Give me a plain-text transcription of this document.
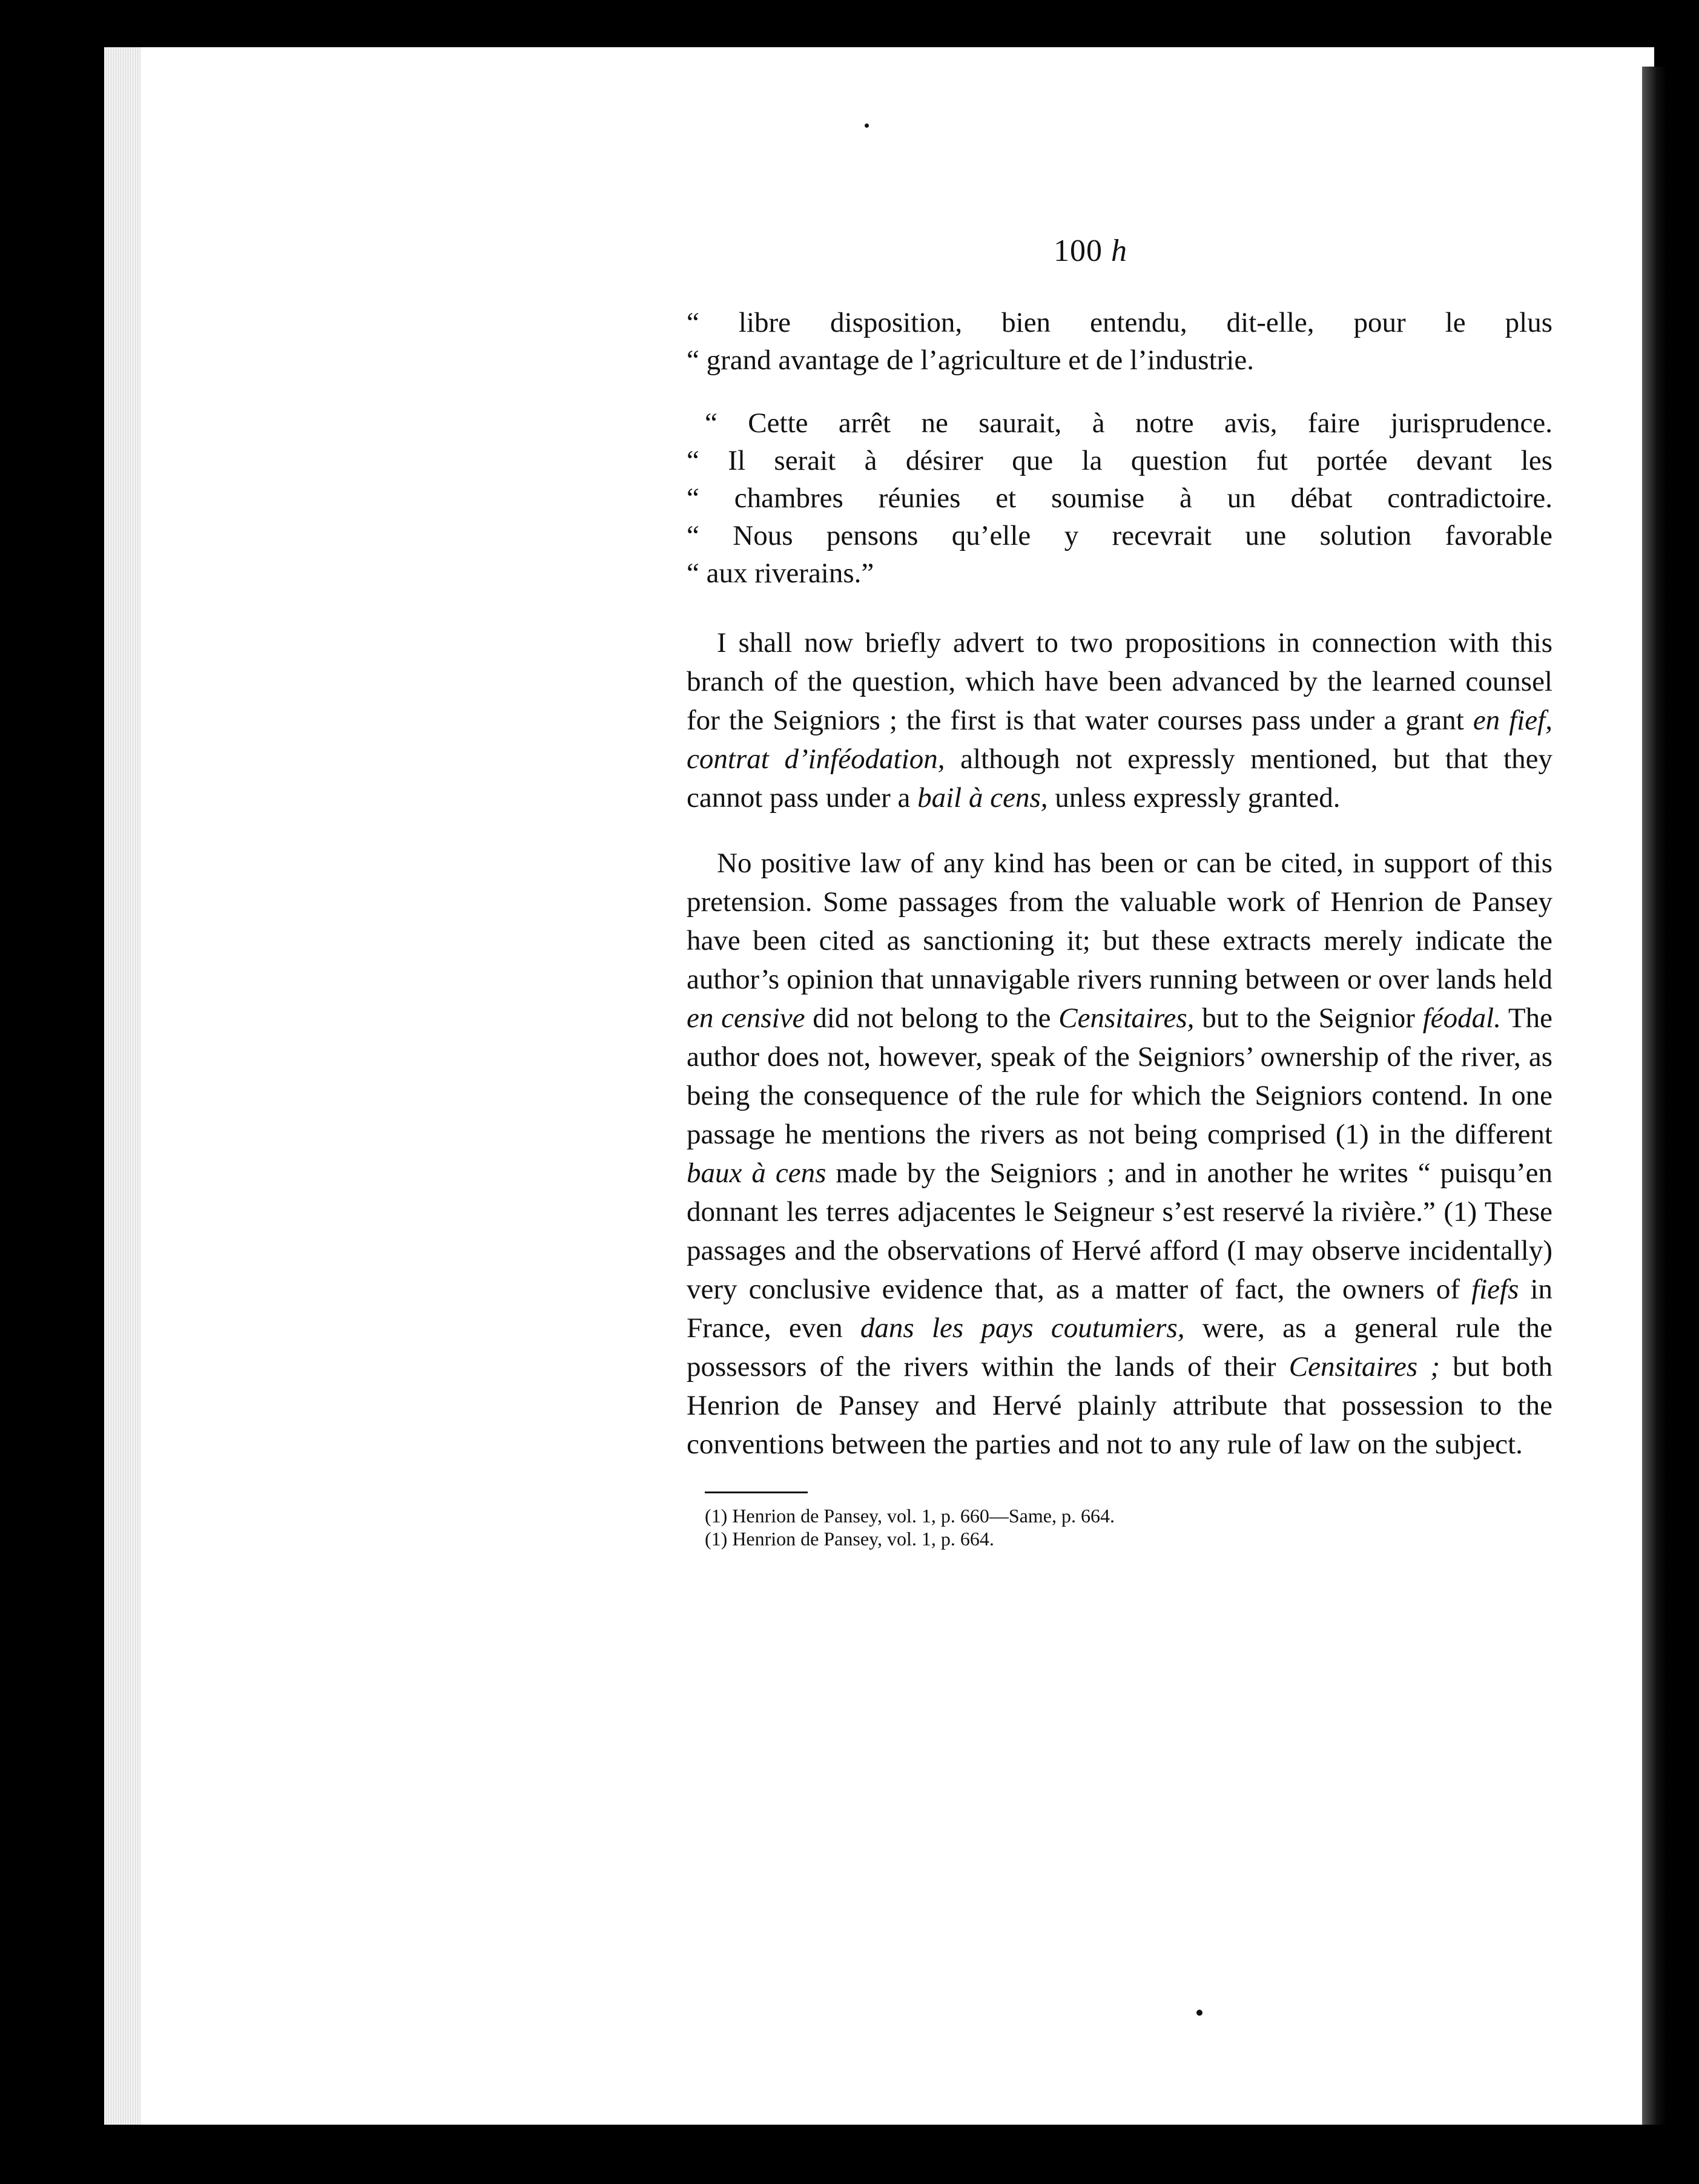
100 h

“ libre disposition, bien entendu, dit-elle, pour le plus

“ grand avantage de l’agriculture et de l’industrie.

“ Cette arrêt ne saurait, à notre avis, faire jurisprudence.

“ Il serait à désirer que la question fut portée devant les

“ chambres réunies et soumise à un débat contradictoire.

“ Nous pensons qu’elle y recevrait une solution favorable

“ aux riverains.”

I shall now briefly advert to two propositions in connection with this branch of the question, which have been advanced by the learned counsel for the Seigniors ; the first is that water courses pass under a grant en fief, contrat d’inféodation, although not expressly mentioned, but that they cannot pass under a bail à cens, unless expressly granted.

No positive law of any kind has been or can be cited, in support of this pretension. Some passages from the valuable work of Henrion de Pansey have been cited as sanctioning it; but these extracts merely indicate the author’s opinion that unnavigable rivers running between or over lands held en censive did not belong to the Censitaires, but to the Seignior féodal. The author does not, however, speak of the Seigniors’ ownership of the river, as being the consequence of the rule for which the Seigniors contend. In one passage he mentions the rivers as not being comprised (1) in the different baux à cens made by the Seigniors ; and in another he writes “ puisqu’en donnant les terres adjacentes le Seigneur s’est reservé la rivière.” (1) These passages and the observations of Hervé afford (I may observe incidentally) very conclusive evidence that, as a matter of fact, the owners of fiefs in France, even dans les pays coutumiers, were, as a general rule the possessors of the rivers within the lands of their Censitaires ; but both Henrion de Pansey and Hervé plainly attribute that possession to the conventions between the parties and not to any rule of law on the subject.

(1) Henrion de Pansey, vol. 1, p. 660—Same, p. 664.

(1) Henrion de Pansey, vol. 1, p. 664.
